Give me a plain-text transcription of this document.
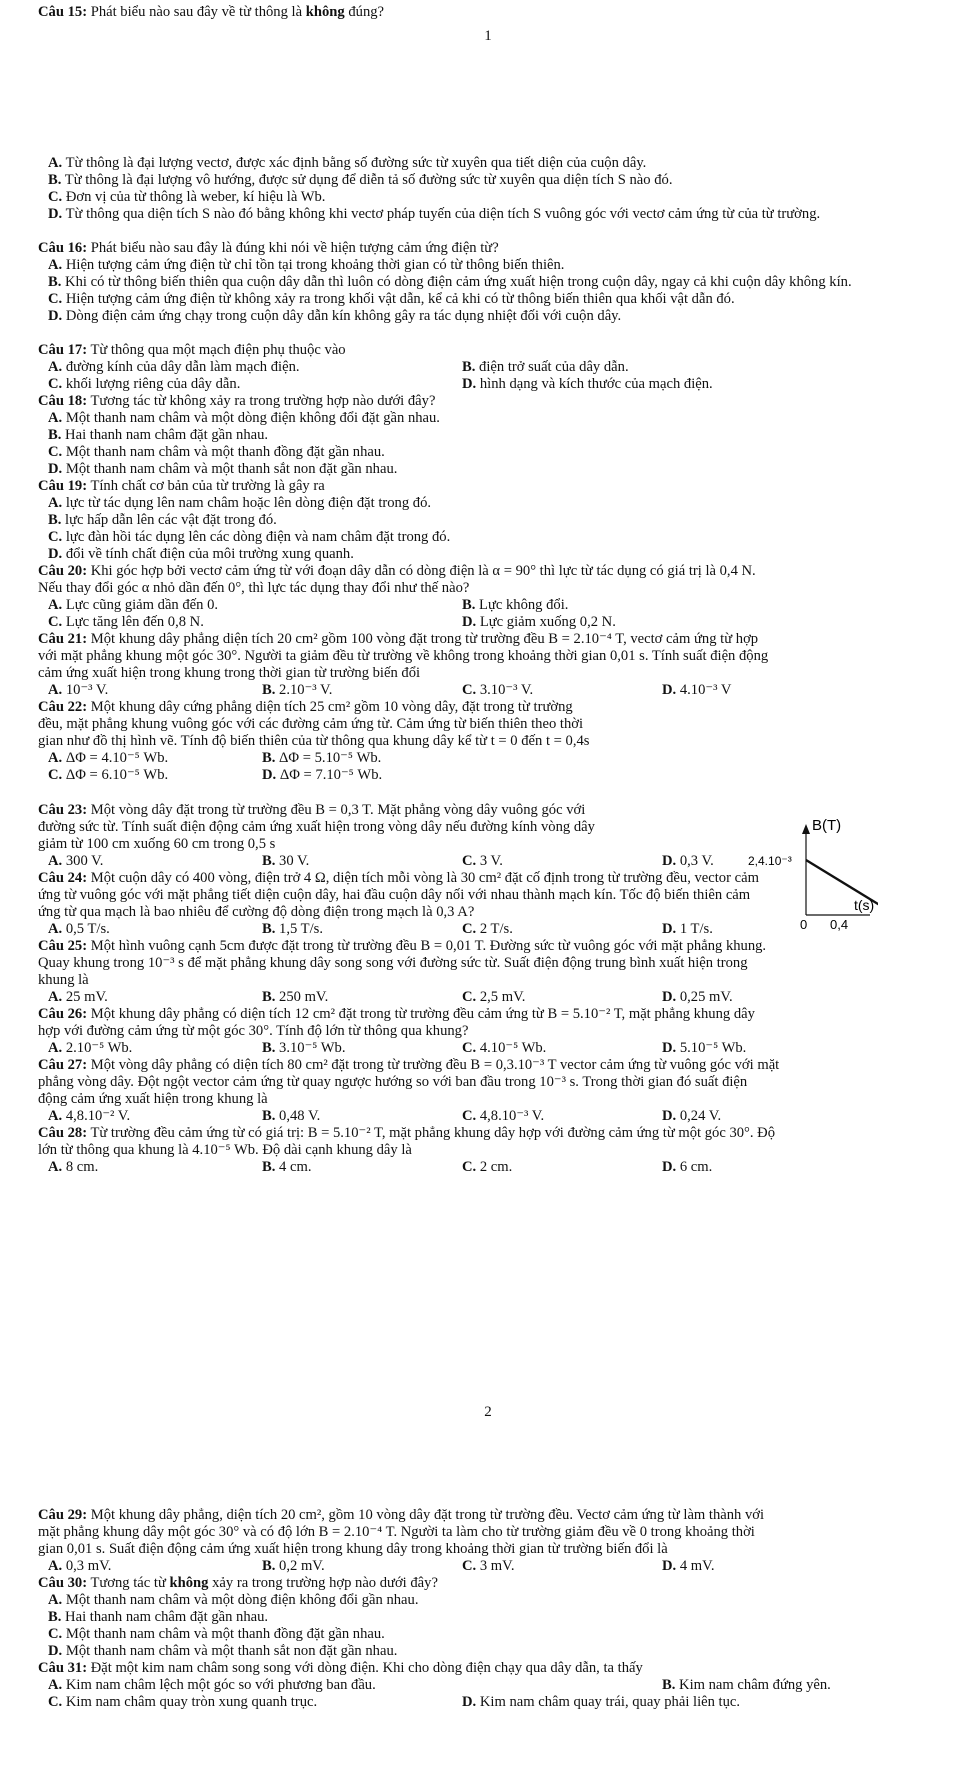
Câu 15: Phát biểu nào sau đây về từ thông là không đúng?
1
A. Từ thông là đại lượng vectơ, được xác định bằng số đường sức từ xuyên qua tiết diện của cuộn dây.
B. Từ thông là đại lượng vô hướng, được sử dụng để diễn tả số đường sức từ xuyên qua diện tích S nào đó.
C. Đơn vị của từ thông là weber, kí hiệu là Wb.
D. Từ thông qua diện tích S nào đó bằng không khi vectơ pháp tuyến của diện tích S vuông góc với vectơ cảm ứng từ của từ trường.
Câu 16: Phát biểu nào sau đây là đúng khi nói về hiện tượng cảm ứng điện từ?
A. Hiện tượng cảm ứng điện từ chỉ tồn tại trong khoảng thời gian có từ thông biến thiên.
B. Khi có từ thông biến thiên qua cuộn dây dẫn thì luôn có dòng điện cảm ứng xuất hiện trong cuộn dây, ngay cả khi cuộn dây không kín.
C. Hiện tượng cảm ứng điện từ không xảy ra trong khối vật dẫn, kể cả khi có từ thông biến thiên qua khối vật dẫn đó.
D. Dòng điện cảm ứng chạy trong cuộn dây dẫn kín không gây ra tác dụng nhiệt đối với cuộn dây.
Câu 17: Từ thông qua một mạch điện phụ thuộc vào
A. đường kính của dây dẫn làm mạch điện.	B. điện trở suất của dây dẫn.
C. khối lượng riêng của dây dẫn.	D. hình dạng và kích thước của mạch điện.
Câu 18: Tương tác từ không xảy ra trong trường hợp nào dưới đây?
A. Một thanh nam châm và một dòng điện không đổi đặt gần nhau.
B. Hai thanh nam châm đặt gần nhau.
C. Một thanh nam châm và một thanh đồng đặt gần nhau.
D. Một thanh nam châm và một thanh sắt non đặt gần nhau.
Câu 19: Tính chất cơ bản của từ trường là gây ra
A. lực từ tác dụng lên nam châm hoặc lên dòng điện đặt trong đó.
B. lực hấp dẫn lên các vật đặt trong đó.
C. lực đàn hồi tác dụng lên các dòng điện và nam châm đặt trong đó.
D. đổi về tính chất điện của môi trường xung quanh.
Câu 20: Khi góc hợp bởi vectơ cảm ứng từ với đoạn dây dẫn có dòng điện là α = 90° thì lực từ tác dụng có giá trị là 0,4 N.
Nếu thay đổi góc α nhỏ dần đến 0°, thì lực tác dụng thay đổi như thế nào?
A. Lực cũng giảm dần đến 0.	B. Lực không đổi.
C. Lực tăng lên đến 0,8 N.	D. Lực giảm xuống 0,2 N.
Câu 21: Một khung dây phẳng diện tích 20 cm² gồm 100 vòng đặt trong từ trường đều B = 2.10⁻⁴ T, vectơ cảm ứng từ hợp
với mặt phẳng khung một góc 30°. Người ta giảm đều từ trường về không trong khoảng thời gian 0,01 s. Tính suất điện động
cảm ứng xuất hiện trong khung trong thời gian từ trường biến đổi
A. 10⁻³ V.	B. 2.10⁻³ V.	C. 3.10⁻³ V.	D. 4.10⁻³ V
Câu 22: Một khung dây cứng phẳng diện tích 25 cm² gồm 10 vòng dây, đặt trong từ trường
đều, mặt phẳng khung vuông góc với các đường cảm ứng từ. Cảm ứng từ biến thiên theo thời
gian như đồ thị hình vẽ. Tính độ biến thiên của từ thông qua khung dây kể từ t = 0 đến t = 0,4s
A. ΔΦ = 4.10⁻⁵ Wb.	B. ΔΦ = 5.10⁻⁵ Wb.
C. ΔΦ = 6.10⁻⁵ Wb.	D. ΔΦ = 7.10⁻⁵ Wb.
B(T)
2,4.10⁻³
t(s)
0 0,4
Câu 23: Một vòng dây đặt trong từ trường đều B = 0,3 T. Mặt phẳng vòng dây vuông góc với
đường sức từ. Tính suất điện động cảm ứng xuất hiện trong vòng dây nếu đường kính vòng dây
giảm từ 100 cm xuống 60 cm trong 0,5 s
A. 300 V.	B. 30 V.	C. 3 V.	D. 0,3 V.
Câu 24: Một cuộn dây có 400 vòng, điện trở 4 Ω, diện tích mỗi vòng là 30 cm² đặt cố định trong từ trường đều, vector cảm
ứng từ vuông góc với mặt phẳng tiết diện cuộn dây, hai đầu cuộn dây nối với nhau thành mạch kín. Tốc độ biến thiên cảm
ứng từ qua mạch là bao nhiêu để cường độ dòng điện trong mạch là 0,3 A?
A. 0,5 T/s.	B. 1,5 T/s.	C. 2 T/s.	D. 1 T/s.
Câu 25: Một hình vuông cạnh 5cm được đặt trong từ trường đều B = 0,01 T. Đường sức từ vuông góc với mặt phẳng khung.
Quay khung trong 10⁻³ s để mặt phẳng khung dây song song với đường sức từ. Suất điện động trung bình xuất hiện trong
khung là
A. 25 mV.	B. 250 mV.	C. 2,5 mV.	D. 0,25 mV.
Câu 26: Một khung dây phẳng có diện tích 12 cm² đặt trong từ trường đều cảm ứng từ B = 5.10⁻² T, mặt phẳng khung dây
hợp với đường cảm ứng từ một góc 30°. Tính độ lớn từ thông qua khung?
A. 2.10⁻⁵ Wb.	B. 3.10⁻⁵ Wb.	C. 4.10⁻⁵ Wb.	D. 5.10⁻⁵ Wb.
Câu 27: Một vòng dây phẳng có diện tích 80 cm² đặt trong từ trường đều B = 0,3.10⁻³ T vector cảm ứng từ vuông góc với mặt
phẳng vòng dây. Đột ngột vector cảm ứng từ quay ngược hướng so với ban đầu trong 10⁻³ s. Trong thời gian đó suất điện
động cảm ứng xuất hiện trong khung là
A. 4,8.10⁻² V.	B. 0,48 V.	C. 4,8.10⁻³ V.	D. 0,24 V.
Câu 28: Từ trường đều cảm ứng từ có giá trị: B = 5.10⁻² T, mặt phẳng khung dây hợp với đường cảm ứng từ một góc 30°. Độ
lớn từ thông qua khung là 4.10⁻⁵ Wb. Độ dài cạnh khung dây là
A. 8 cm.	B. 4 cm.	C. 2 cm.	D. 6 cm.
2
Câu 29: Một khung dây phẳng, diện tích 20 cm², gồm 10 vòng dây đặt trong từ trường đều. Vectơ cảm ứng từ làm thành với
mặt phẳng khung dây một góc 30° và có độ lớn B = 2.10⁻⁴ T. Người ta làm cho từ trường giảm đều về 0 trong khoảng thời
gian 0,01 s. Suất điện động cảm ứng xuất hiện trong khung dây trong khoảng thời gian từ trường biến đổi là
A. 0,3 mV.	B. 0,2 mV.	C. 3 mV.	D. 4 mV.
Câu 30: Tương tác từ không xảy ra trong trường hợp nào dưới đây?
A. Một thanh nam châm và một dòng điện không đổi gần nhau.
B. Hai thanh nam châm đặt gần nhau.
C. Một thanh nam châm và một thanh đồng đặt gần nhau.
D. Một thanh nam châm và một thanh sắt non đặt gần nhau.
Câu 31: Đặt một kim nam châm song song với dòng điện. Khi cho dòng điện chạy qua dây dẫn, ta thấy
A. Kim nam châm lệch một góc so với phương ban đầu.	B. Kim nam châm đứng yên.
C. Kim nam châm quay tròn xung quanh trục.	D. Kim nam châm quay trái, quay phải liên tục.
